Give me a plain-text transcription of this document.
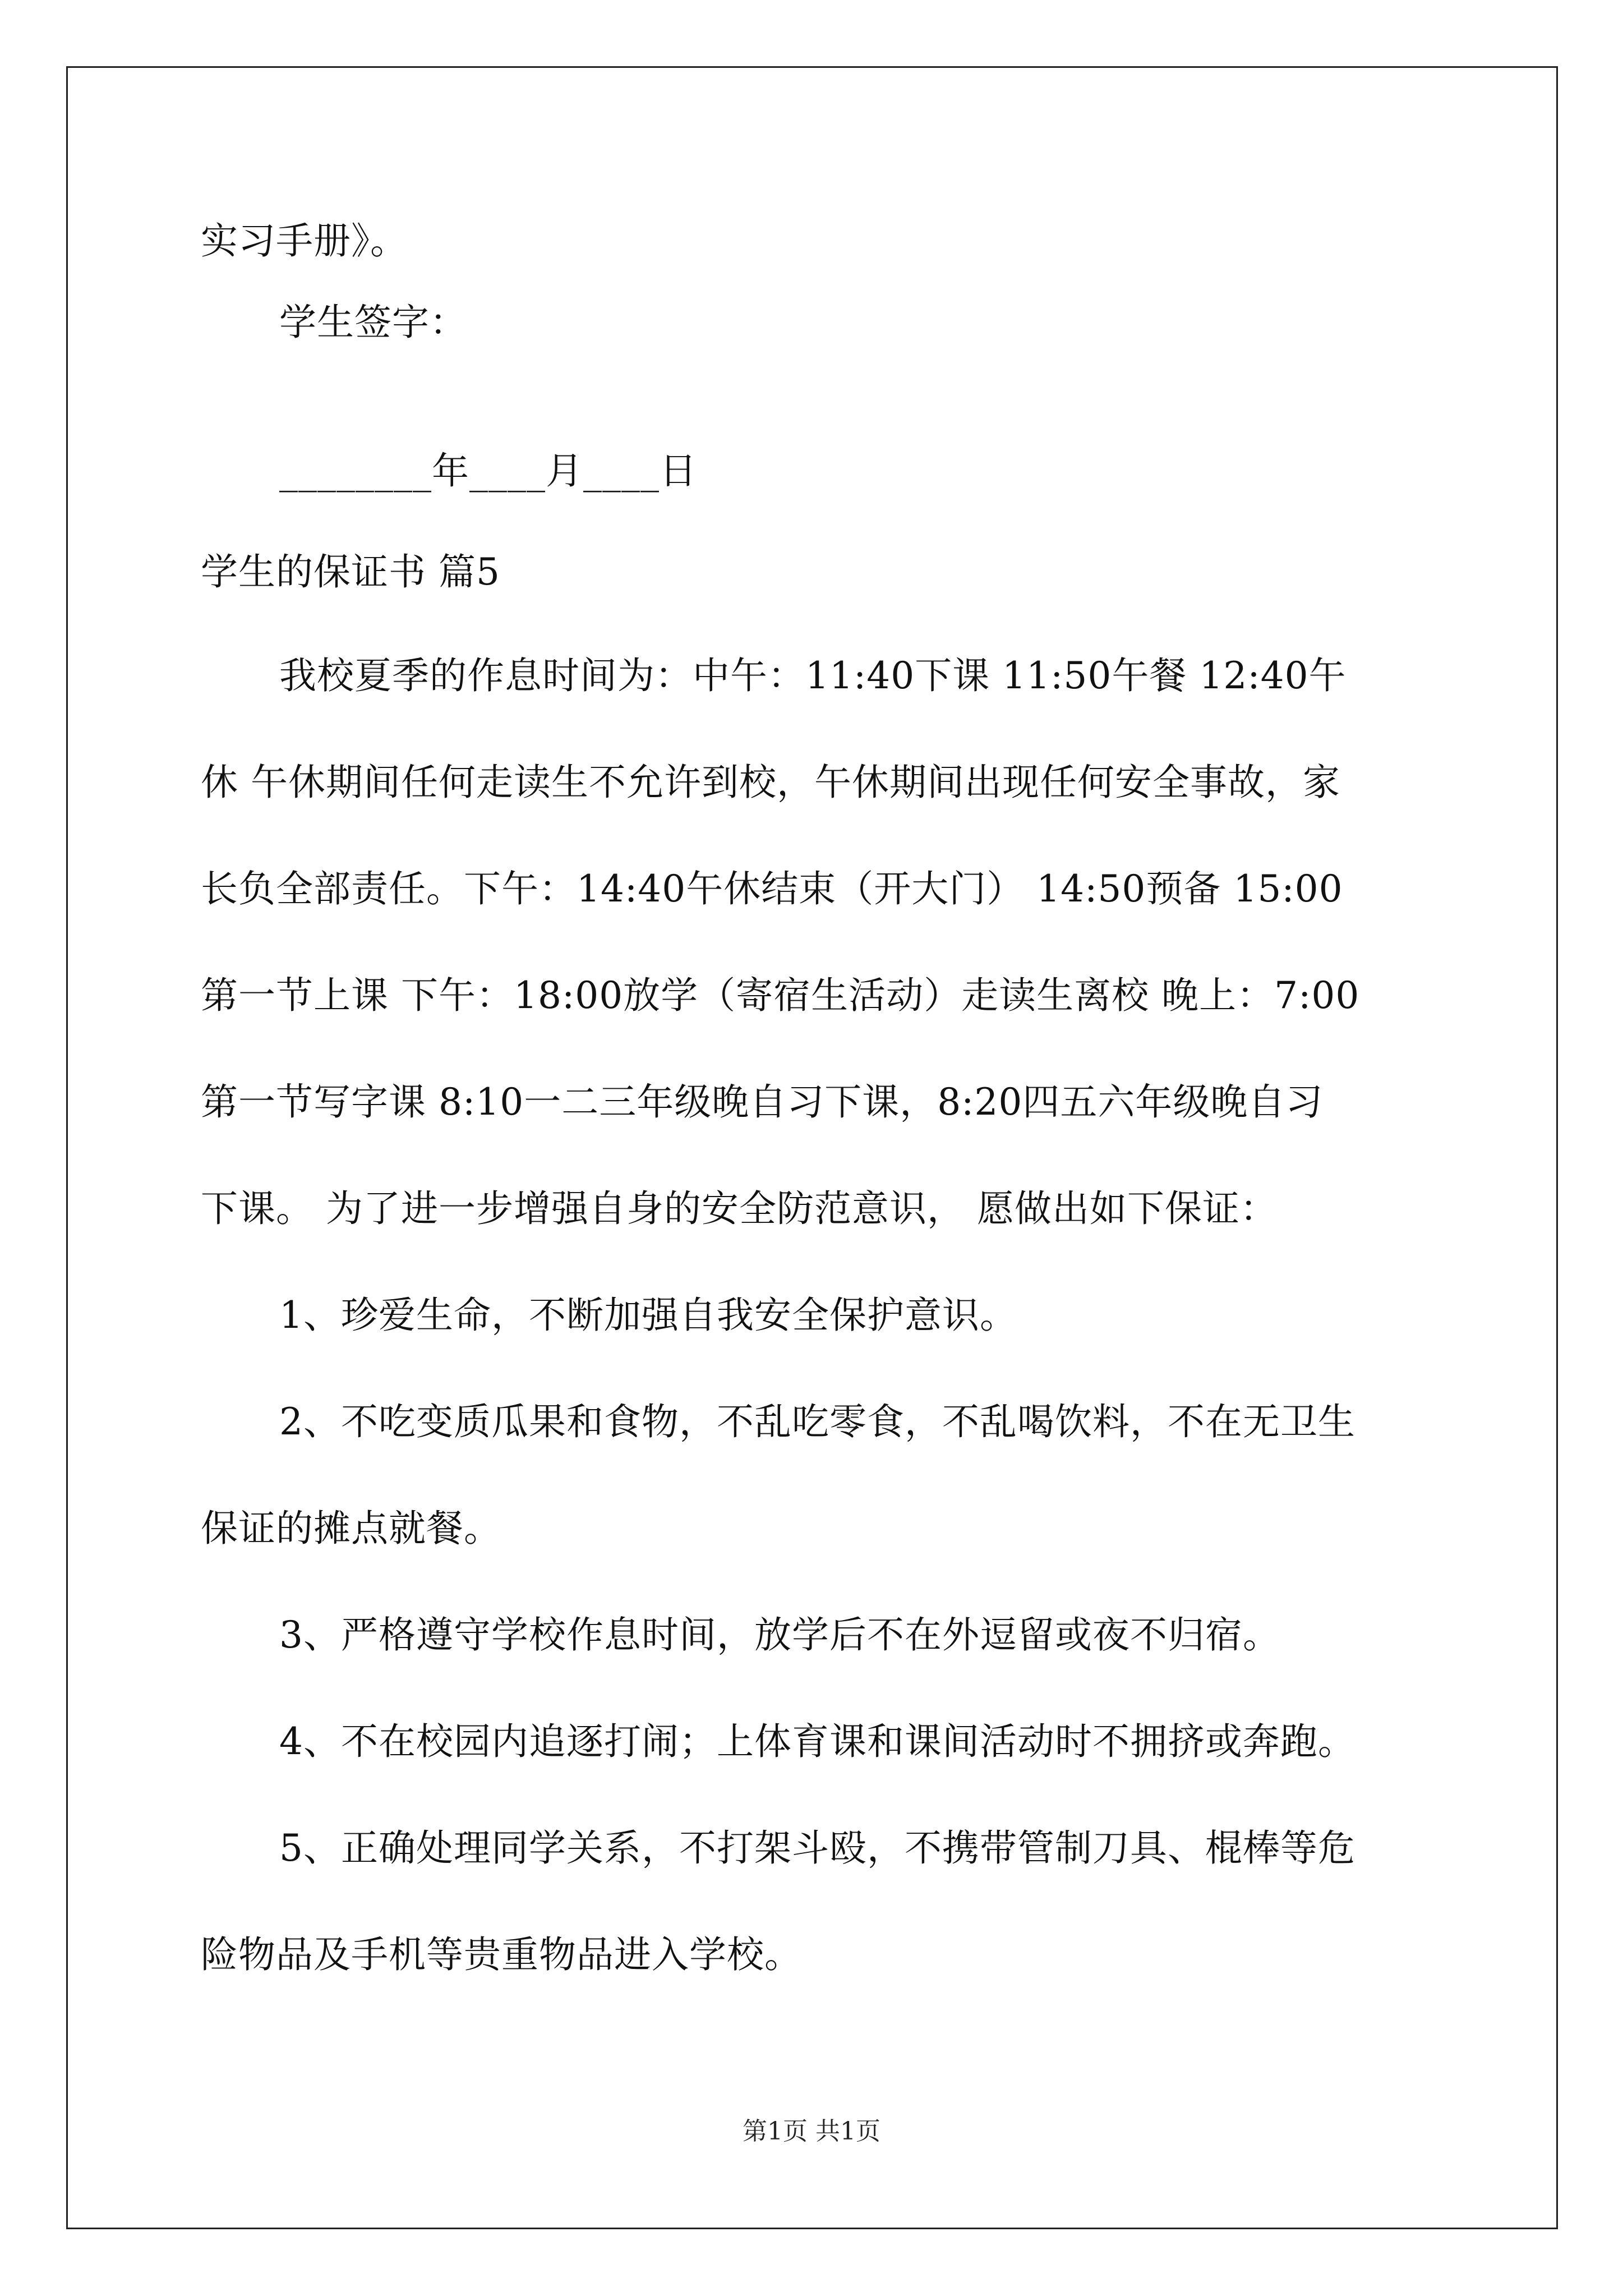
实习手册》。
学生签字：
________年____月____日
学生的保证书 篇5
我校夏季的作息时间为：中午：11:40下课 11:50午餐 12:40午
休 午休期间任何走读生不允许到校，午休期间出现任何安全事故，家
长负全部责任。下午：14:40午休结束（开大门） 14:50预备 15:00
第一节上课 下午：18:00放学（寄宿生活动）走读生离校 晚上：7:00
第一节写字课 8:10一二三年级晚自习下课，8:20四五六年级晚自习
下课。 为了进一步增强自身的安全防范意识， 愿做出如下保证：
1、珍爱生命，不断加强自我安全保护意识。
2、不吃变质瓜果和食物，不乱吃零食，不乱喝饮料，不在无卫生
保证的摊点就餐。
3、严格遵守学校作息时间，放学后不在外逗留或夜不归宿。
4、不在校园内追逐打闹；上体育课和课间活动时不拥挤或奔跑。
5、正确处理同学关系，不打架斗殴，不携带管制刀具、棍棒等危
险物品及手机等贵重物品进入学校。
第1页 共1页
